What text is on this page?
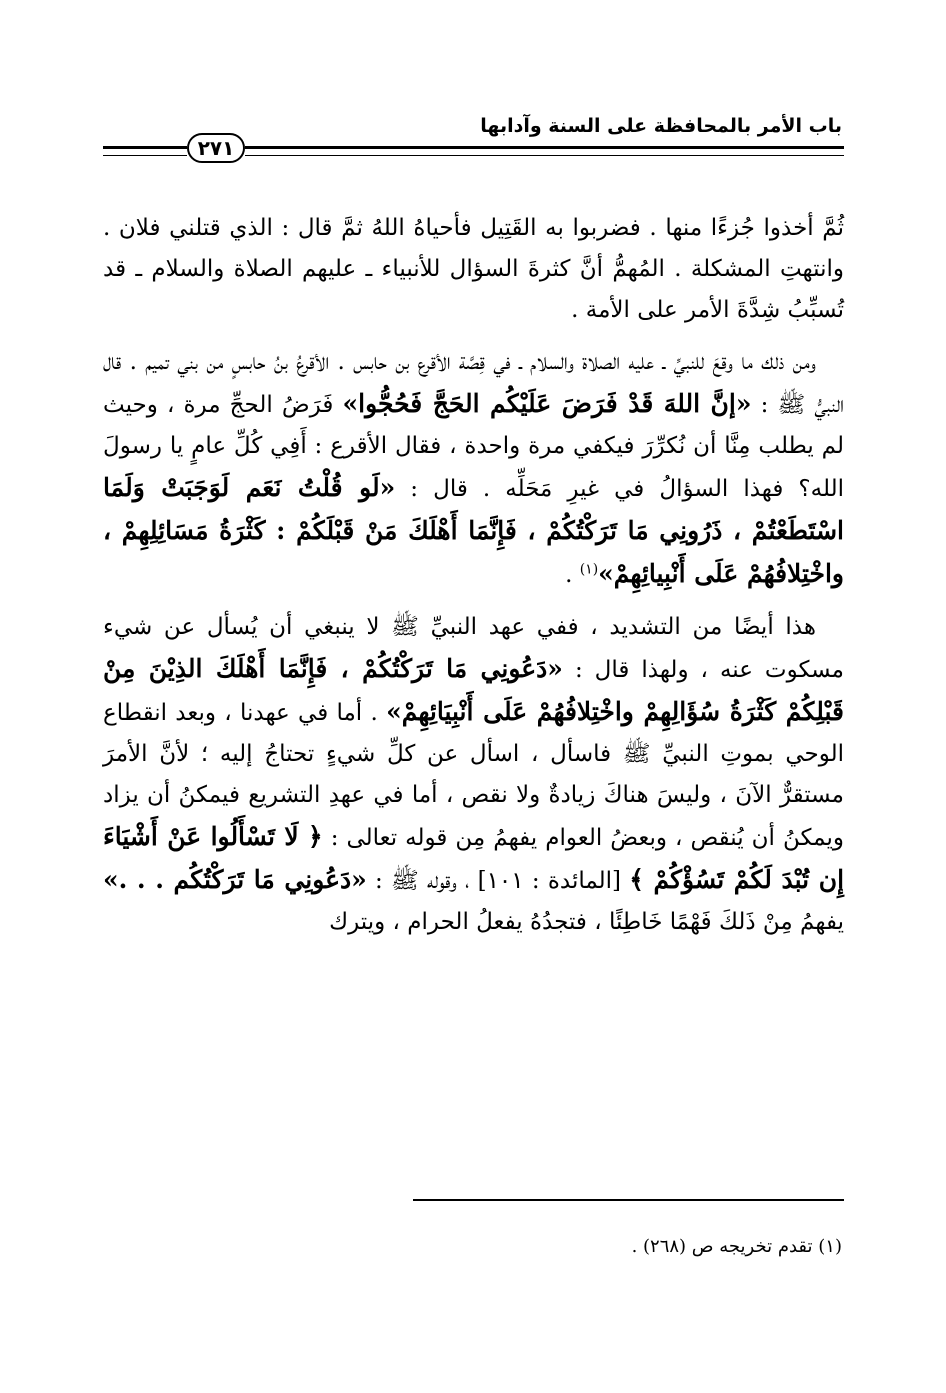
باب الأمر بالمحافظة على السنة وآدابها
٢٧١

ثُمَّ أخذوا جُزءًا منها . فضربوا به القَتِيل فأحياهُ اللهُ ثمَّ قال : الذي قتلني فلان . وانتهتِ المشكلة . المُهمُّ أنَّ كثرةَ السؤال للأنبياء ـ عليهم الصلاة والسلام ـ قد تُسبِّبُ شِدَّةَ الأمر على الأمة .

ومن ذلك ما وقعَ للنبيِّ ـ عليه الصلاة والسلام ـ في قِصَّة الأقرع بن حابس . الأقرعُ بنُ حابسٍ من بني تميم . قال النبيُّ ﷺ : «إنَّ اللهَ قَدْ فَرَضَ عَلَيْكُم الحَجَّ فَحُجُّوا» فَرَضُ الحجِّ مرة ، وحيث لم يطلب مِنَّا أن نُكرِّرَ فيكفي مرة واحدة ، فقال الأقرع : أَفِي كُلِّ عامٍ يا رسولَ الله؟ فهذا السؤالُ في غيرِ مَحَلِّه . قال : «لَو قُلْتُ نَعَم لَوَجَبَتْ وَلَمَا اسْتَطَعْتُمْ ، ذَرُونِي مَا تَرَكْتُكُمْ ، فَإِنَّمَا أَهْلَكَ مَنْ قَبْلَكُمْ : كَثْرَةُ مَسَائِلِهِمْ ، واخْتِلافُهُمْ عَلَى أَنْبِيائِهِمْ»$^{(١)}$ .

هذا أيضًا من التشديد ، ففي عهد النبيِّ ﷺ لا ينبغي أن يُسأل عن شيء مسكوت عنه ، ولهذا قال : «دَعُونِي مَا تَرَكْتُكُمْ ، فَإِنَّمَا أَهْلَكَ الذِيْنَ مِنْ قَبْلِكُمْ كَثْرَةُ سُؤَالِهِمْ واخْتِلافُهُمْ عَلَى أَنْبِيَائِهِمْ» . أما في عهدنا ، وبعد انقطاع الوحي بموتِ النبيِّ ﷺ فاسأل ، اسأل عن كلِّ شيءٍ تحتاجُ إليه ؛ لأنَّ الأمرَ مستقرٌّ الآنَ ، وليسَ هناكَ زيادةٌ ولا نقص ، أما في عهدِ التشريع فيمكنُ أن يزاد ويمكنُ أن يُنقص ، وبعضُ العوام يفهمُ مِن قوله تعالى : ﴿ لَا تَسْأَلُوا عَنْ أَشْيَاءَ إِن تُبْدَ لَكُمْ تَسُؤْكُمْ ﴾ [المائدة : ١٠١] ، وقوله ﷺ : «دَعُونِي مَا تَرَكْتُكُم . . .» يفهمُ مِنْ ذَلكَ فَهْمًا خَاطِئًا ، فتجدُهُ يفعلُ الحرام ، ويترك

(١) تقدم تخريجه ص (٢٦٨) .
